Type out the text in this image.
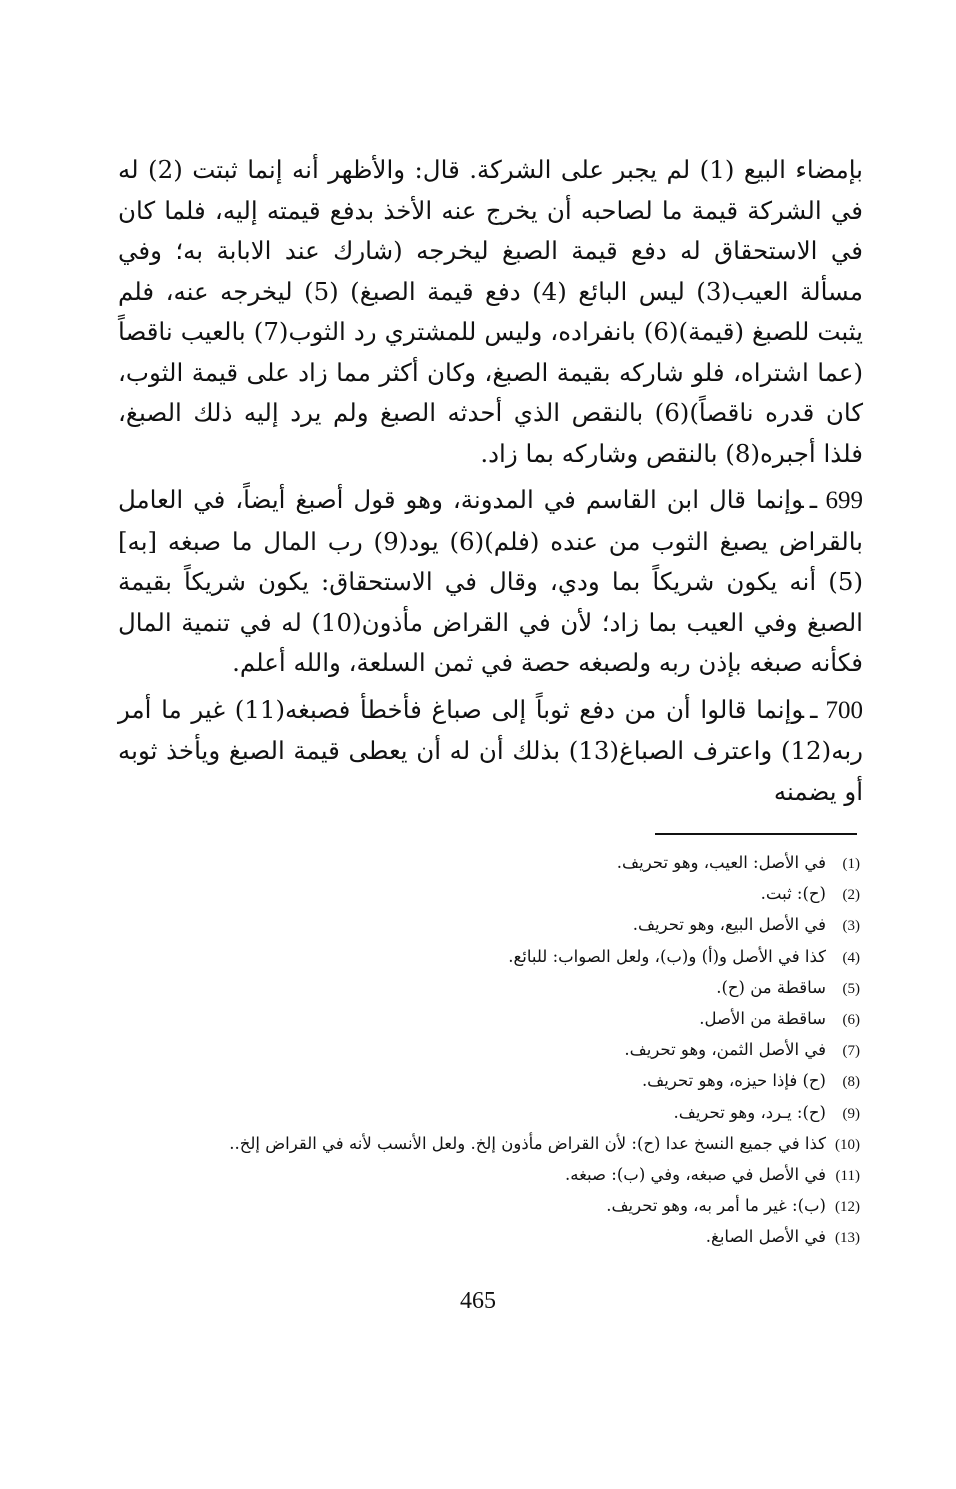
بإمضاء البيع (1) لم يجبر على الشركة. قال: والأظهر أنه إنما ثبتت (2) له في الشركة قيمة ما لصاحبه أن يخرج عنه الأخذ بدفع قيمته إليه، فلما كان في الاستحقاق له دفع قيمة الصبغ ليخرجه (شارك عند الابابة به؛ وفي مسألة العيب(3) ليس البائع (4) دفع قيمة الصبغ) (5) ليخرجه عنه، فلم يثبت للصبغ (قيمة)(6) بانفراده، وليس للمشتري رد الثوب(7) بالعيب ناقصاً (عما اشتراه، فلو شاركه بقيمة الصبغ، وكان أكثر مما زاد على قيمة الثوب، كان قدره ناقصاً)(6) بالنقص الذي أحدثه الصبغ ولم يرد إليه ذلك الصبغ، فلذا أجبره(8) بالنقص وشاركه بما زاد.

699 ـوإنما قال ابن القاسم في المدونة، وهو قول أصبغ أيضاً، في العامل بالقراض يصبغ الثوب من عنده (فلم)(6) يود(9) رب المال ما صبغه [به](5) أنه يكون شريكاً بما ودي، وقال في الاستحقاق: يكون شريكاً بقيمة الصبغ وفي العيب بما زاد؛ لأن في القراض مأذون(10) له في تنمية المال فكأنه صبغه بإذن ربه ولصبغه حصة في ثمن السلعة، والله أعلم.

700 ـوإنما قالوا أن من دفع ثوباً إلى صباغ فأخطأ فصبغه(11) غير ما أمر ربه(12) واعترف الصباغ(13) بذلك أن له أن يعطى قيمة الصبغ ويأخذ ثوبه أو يضمنه

(1)في الأصل: العيب، وهو تحريف.
(2)(ح): ثبت.
(3)في الأصل البيع، وهو تحريف.
(4)كذا في الأصل و(أ) و(ب)، ولعل الصواب: للبائع.
(5)ساقطة من (ح).
(6)ساقطة من الأصل.
(7)في الأصل الثمن، وهو تحريف.
(8)(ح) فإذا حيزه، وهو تحريف.
(9)(ح): يـرد، وهو تحريف.
(10)كذا في جميع النسخ عدا (ح): لأن القراض مأذون إلخ. ولعل الأنسب لأنه في القراض إلخ..
(11)في الأصل في صبغه، وفي (ب): صبغه.
(12)(ب): غير ما أمر به، وهو تحريف.
(13)في الأصل الصابغ.
465
